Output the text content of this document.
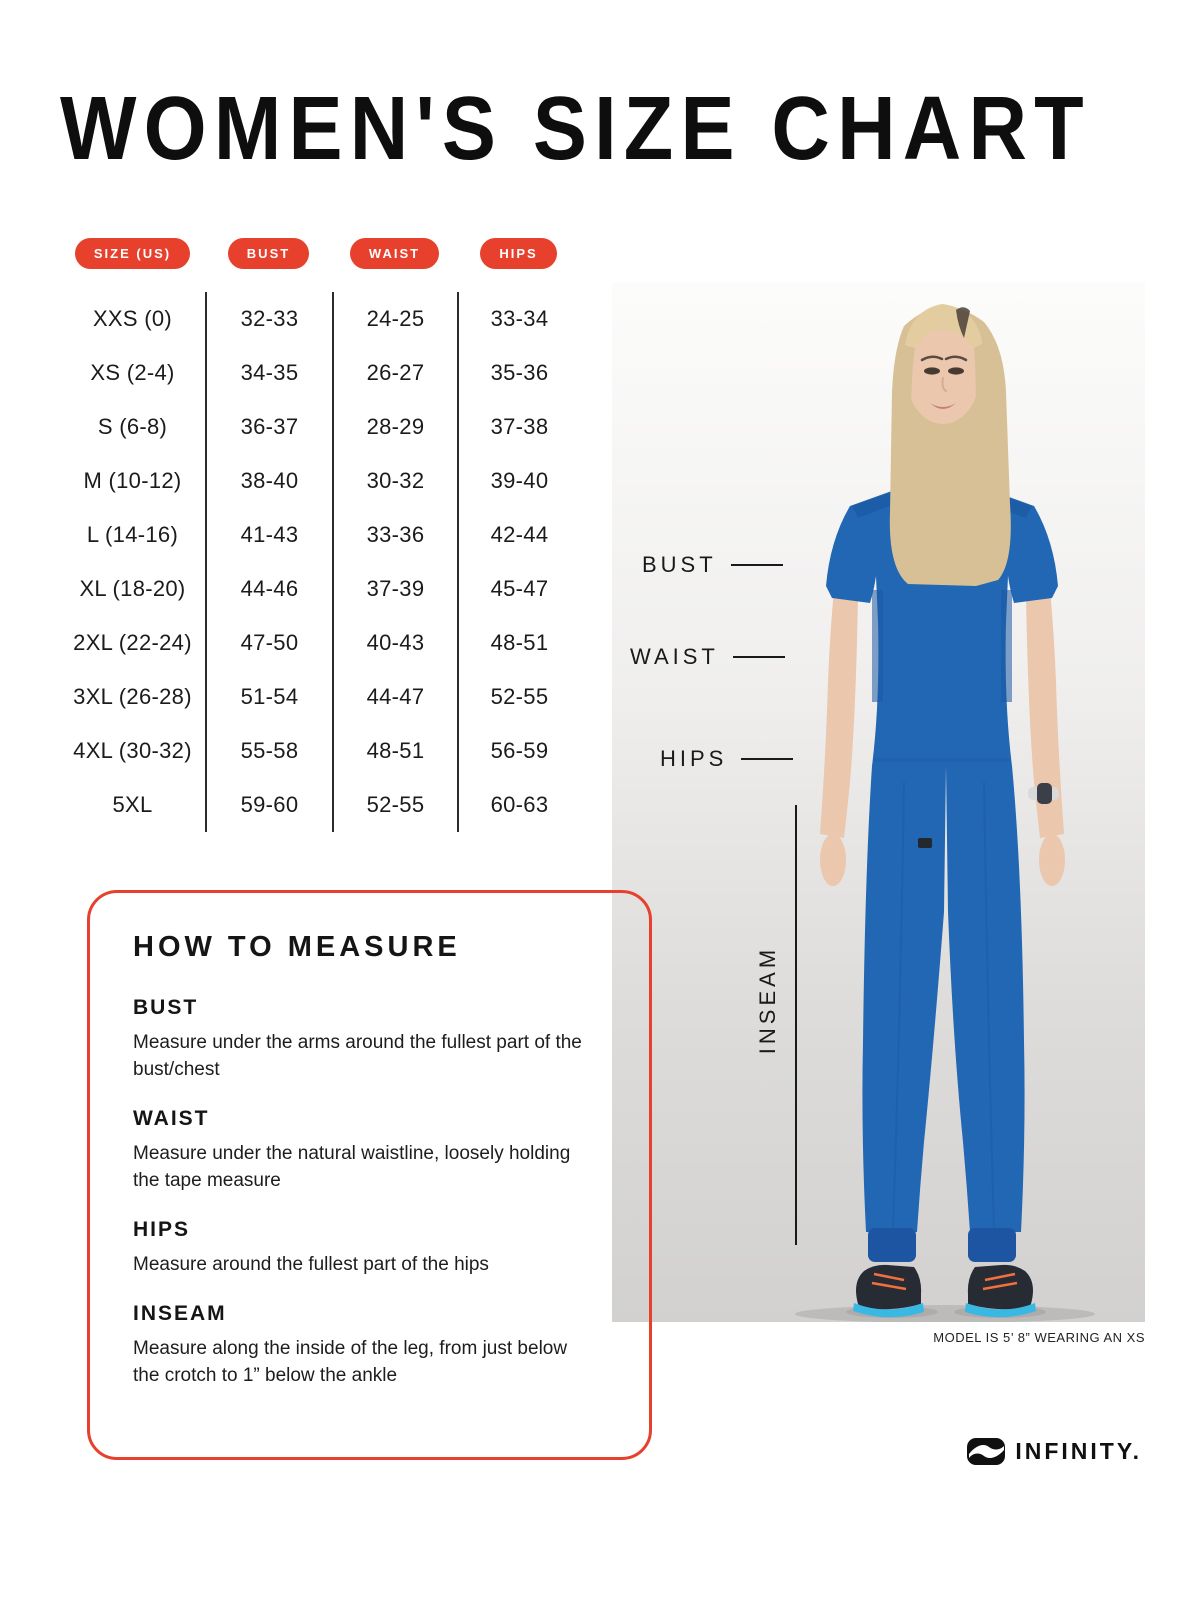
WOMEN'S SIZE CHART
SIZE (US)	BUST	WAIST	HIPS
XXS (0)	32-33	24-25	33-34
XS (2-4)	34-35	26-27	35-36
S (6-8)	36-37	28-29	37-38
M (10-12)	38-40	30-32	39-40
L (14-16)	41-43	33-36	42-44
XL (18-20)	44-46	37-39	45-47
2XL (22-24)	47-50	40-43	48-51
3XL (26-28)	51-54	44-47	52-55
4XL (30-32)	55-58	48-51	56-59
5XL	59-60	52-55	60-63
BUST
WAIST
HIPS
INSEAM
MODEL IS 5’ 8” WEARING AN XS
HOW TO MEASURE
BUST
Measure under the arms around the fullest part of the bust/chest
WAIST
Measure under the natural waistline, loosely holding the tape measure
HIPS
Measure around the fullest part of the hips
INSEAM
Measure along the inside of the leg, from just below the crotch to 1” below the ankle
INFINITY.
